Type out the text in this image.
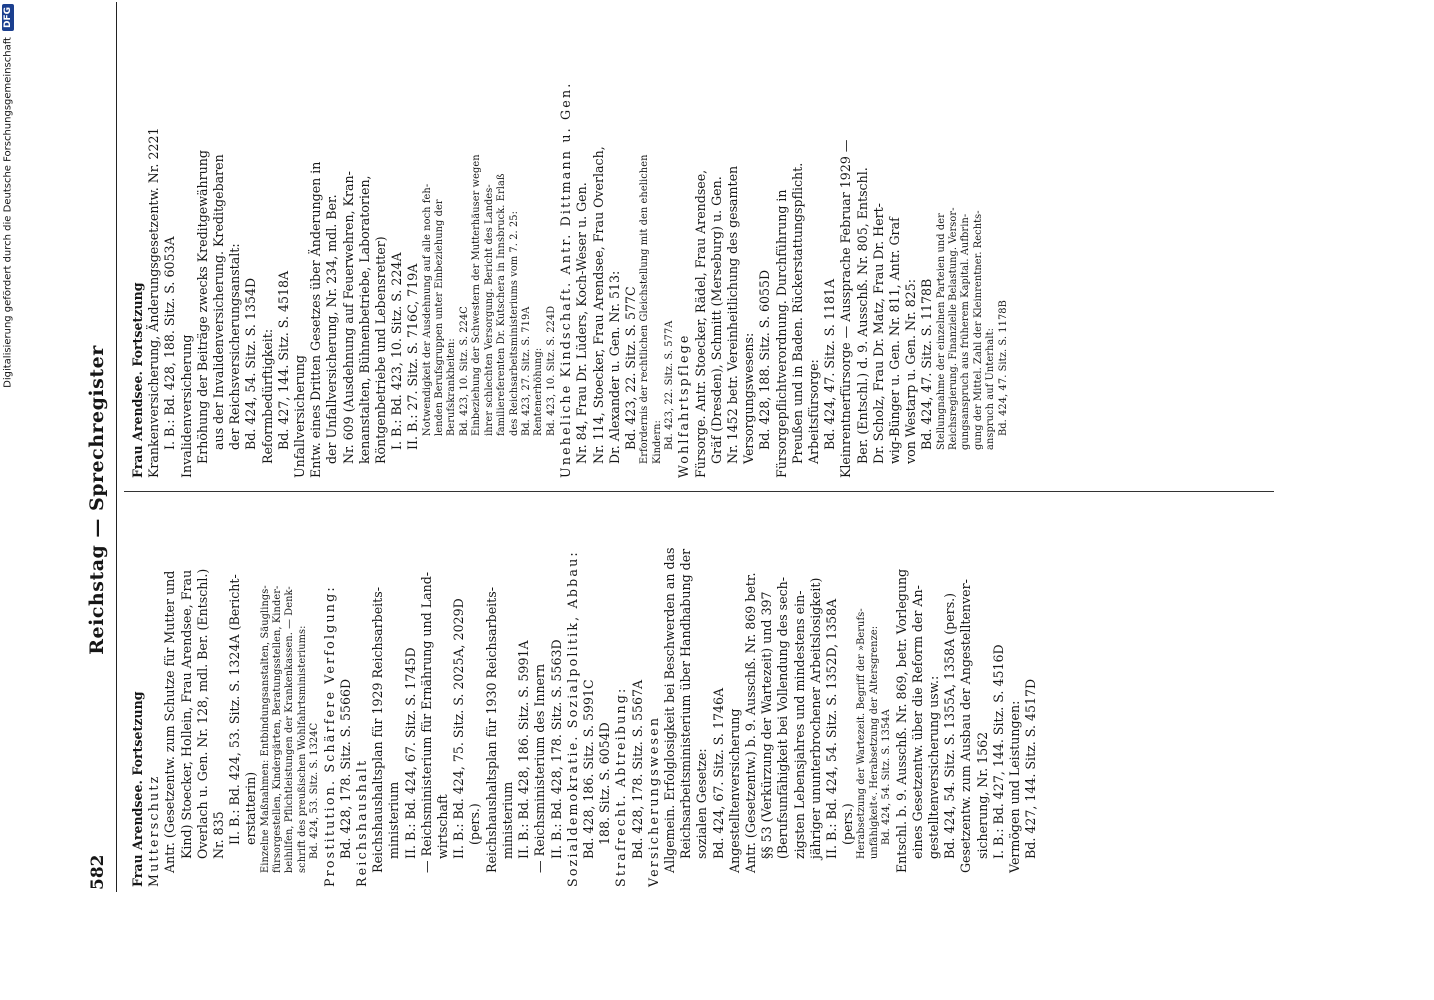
Digitalisierung gefördert durch die Deutsche ForschungsgemeinschaftDFG
582
Reichstag — Sprechregister
Frau Arendsee. Fortsetzung Mutterschutz Antr. (Gesetzentw. zum Schutze für Mutter und Kind) Stoecker, Hollein, Frau Arendsee, Frau Overlach u. Gen. Nr. 128, mdl. Ber. (Entschl.) Nr. 835 II. B.: Bd. 424, 53. Sitz. S. 1324A (Bericht- erstatterin) Einzelne Maßnahmen: Entbindungsanstalten, Säuglings- fürsorgestellen, Kindergärten, Beratungsstellen, Kinder- beihilfen, Pflichtleistungen der Krankenkassen. — Denk- schrift des preußischen Wohlfahrtsministeriums: Bd. 424, 53. Sitz. S. 1324C Prostitution. Schärfere Verfolgung: Bd. 428, 178. Sitz. S. 5566D Reichshaushalt Reichshaushaltsplan für 1929 Reichsarbeits- ministerium II. B.: Bd. 424, 67. Sitz. S. 1745D — Reichsministerium für Ernährung und Land- wirtschaft II. B.: Bd. 424, 75. Sitz. S. 2025A, 2029D (pers.) Reichshaushaltsplan für 1930 Reichsarbeits- ministerium II. B.: Bd. 428, 186. Sitz. S. 5991A — Reichsministerium des Innern II. B.: Bd. 428, 178. Sitz. S. 5563D Sozialdemokratie. Sozialpolitik, Abbau: Bd. 428, 186. Sitz. S. 5991C 188. Sitz. S. 6054D Strafrecht. Abtreibung: Bd. 428, 178. Sitz. S. 5567A Versicherungswesen Allgemein. Erfolglosigkeit bei Beschwerden an das Reichsarbeitsministerium über Handhabung der sozialen Gesetze: Bd. 424, 67. Sitz. S. 1746A Angestelltenversicherung Antr. (Gesetzentw.) b. 9. Ausschß. Nr. 869 betr. §§ 53 (Verkürzung der Wartezeit) und 397 (Berufsunfähigkeit bei Vollendung des sech- zigsten Lebensjahres und mindestens ein- jähriger ununterbrochener Arbeitslosigkeit) II. B.: Bd. 424, 54. Sitz. S. 1352D, 1358A (pers.) Herabsetzung der Wartezeit. Begriff der »Berufs- unfähigkeit«. Herabsetzung der Altersgrenze: Bd. 424, 54. Sitz. S. 1354A Entschl. b. 9. Ausschß. Nr. 869, betr. Vorlegung eines Gesetzentw. über die Reform der An- gestelltenversicherung usw.: Bd. 424, 54. Sitz. S. 1355A, 1358A (pers.) Gesetzentw. zum Ausbau der Angestelltenver- sicherung, Nr. 1562 I. B.: Bd. 427, 144. Sitz. S. 4516D Vermögen und Leistungen: Bd. 427, 144. Sitz. S. 4517D
Frau Arendsee. Fortsetzung Krankenversicherung, Änderungsgesetzentw. Nr. 2221 I. B.: Bd. 428, 188. Sitz. S. 6053A Invalidenversicherung Erhöhung der Beiträge zwecks Kreditgewährung aus der Invalidenversicherung. Kreditgebaren der Reichsversicherungsanstalt: Bd. 424, 54. Sitz. S. 1354D Reformbedürftigkeit: Bd. 427, 144. Sitz. S. 4518A Unfallversicherung Entw. eines Dritten Gesetzes über Änderungen in der Unfallversicherung, Nr. 234, mdl. Ber. Nr. 609 (Ausdehnung auf Feuerwehren, Kran- kenanstalten, Bühnenbetriebe, Laboratorien, Röntgenbetriebe und Lebensretter) I. B.: Bd. 423, 10. Sitz. S. 224A II. B.: 27. Sitz. S. 716C, 719A Notwendigkeit der Ausdehnung auf alle noch feh- lenden Berufsgruppen unter Einbeziehung der Berufskrankheiten: Bd. 423, 10. Sitz. S. 224C Einbeziehung der Schwestern der Mutterhäuser wegen ihrer schlechten Versorgung. Bericht des Landes- familiereferenten Dr. Kutschera in Innsbruck. Erlaß des Reichsarbeitsministeriums vom 7. 2. 25: Bd. 423, 27. Sitz. S. 719A Rentenerhöhung: Bd. 423, 10. Sitz. S. 224D Uneheliche Kindschaft. Antr. Dittmann u. Gen. Nr. 84, Frau Dr. Lüders, Koch-Weser u. Gen. Nr. 114, Stoecker, Frau Arendsee, Frau Overlach, Dr. Alexander u. Gen. Nr. 513: Bd. 423, 22. Sitz. S. 577C Erfordernis der rechtlichen Gleichstellung mit den ehelichen Kindern: Bd. 423, 22. Sitz. S. 577A Wohlfahrtspflege Fürsorge. Antr. Stoecker, Rädel, Frau Arendsee, Gräf (Dresden), Schmitt (Merseburg) u. Gen. Nr. 1452 betr. Vereinheitlichung des gesamten Versorgungswesens: Bd. 428, 188. Sitz. S. 6055D Fürsorgepflichtverordnung. Durchführung in Preußen und in Baden. Rückerstattungspflicht. Arbeitsfürsorge: Bd. 424, 47. Sitz. S. 1181A Kleinrentnerfürsorge — Aussprache Februar 1929 — Ber. (Entschl.) d. 9. Ausschß. Nr. 805, Entschl. Dr. Scholz, Frau Dr. Matz, Frau Dr. Hert- wig-Bünger u. Gen. Nr. 811, Antr. Graf von Westarp u. Gen. Nr. 825: Bd. 424, 47. Sitz. S. 1178B Stellungnahme der einzelnen Parteien und der Reichsregierung. Finanzielle Belastung. Versor- gungsanspruch aus früherem Kapital. Aufbrin- gung der Mittel. Zahl der Kleinrentner. Rechts- anspruch auf Unterhalt: Bd. 424, 47. Sitz. S. 1178B
